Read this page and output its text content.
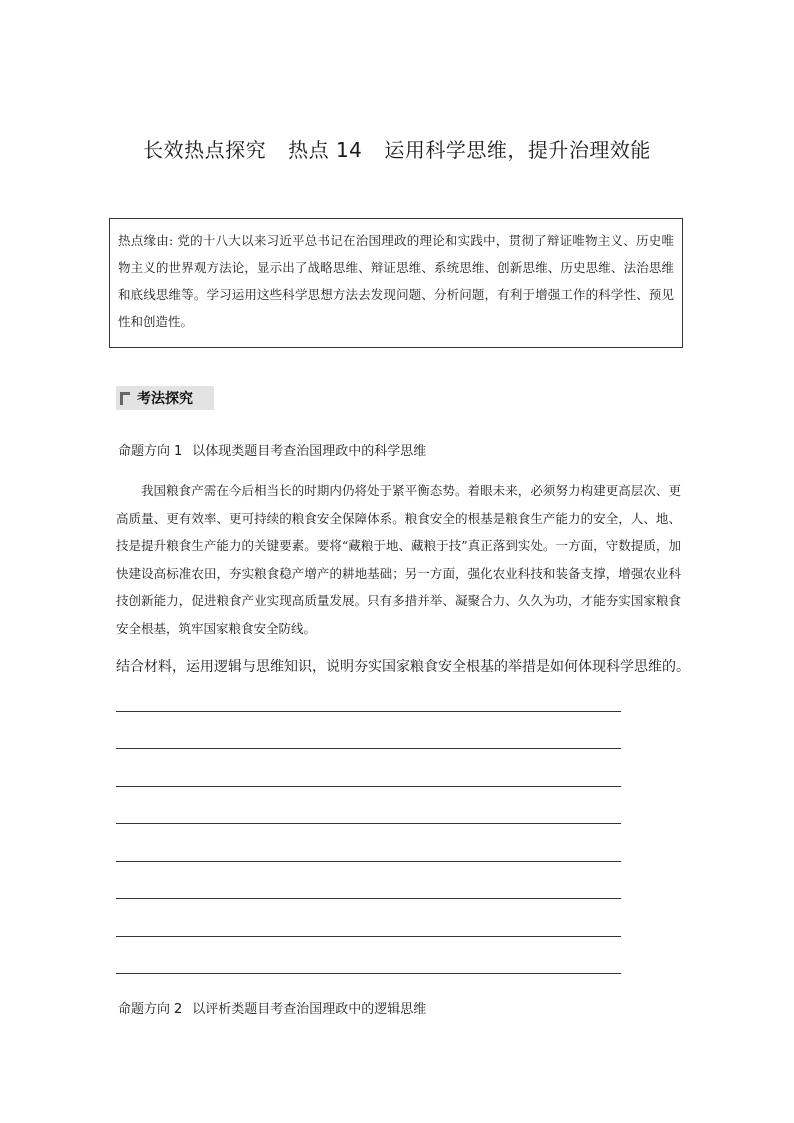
长效热点探究 热点 14 运用科学思维，提升治理效能
热点缘由: 党的十八大以来习近平总书记在治国理政的理论和实践中，贯彻了辩证唯物主义、历史唯物主义的世界观方法论，显示出了战略思维、辩证思维、系统思维、创新思维、历史思维、法治思维和底线思维等。学习运用这些科学思想方法去发现问题、分析问题，有利于增强工作的科学性、预见性和创造性。
考法探究
命题方向 1 以体现类题目考查治国理政中的科学思维
我国粮食产需在今后相当长的时期内仍将处于紧平衡态势。着眼未来，必须努力构建更高层次、更高质量、更有效率、更可持续的粮食安全保障体系。粮食安全的根基是粮食生产能力的安全，人、地、技是提升粮食生产能力的关键要素。要将“藏粮于地、藏粮于技”真正落到实处。一方面，守数提质，加快建设高标准农田，夯实粮食稳产增产的耕地基础；另一方面，强化农业科技和装备支撑，增强农业科技创新能力，促进粮食产业实现高质量发展。只有多措并举、凝聚合力、久久为功，才能夯实国家粮食安全根基，筑牢国家粮食安全防线。
结合材料，运用逻辑与思维知识，说明夯实国家粮食安全根基的举措是如何体现科学思维的。
命题方向 2 以评析类题目考查治国理政中的逻辑思维
